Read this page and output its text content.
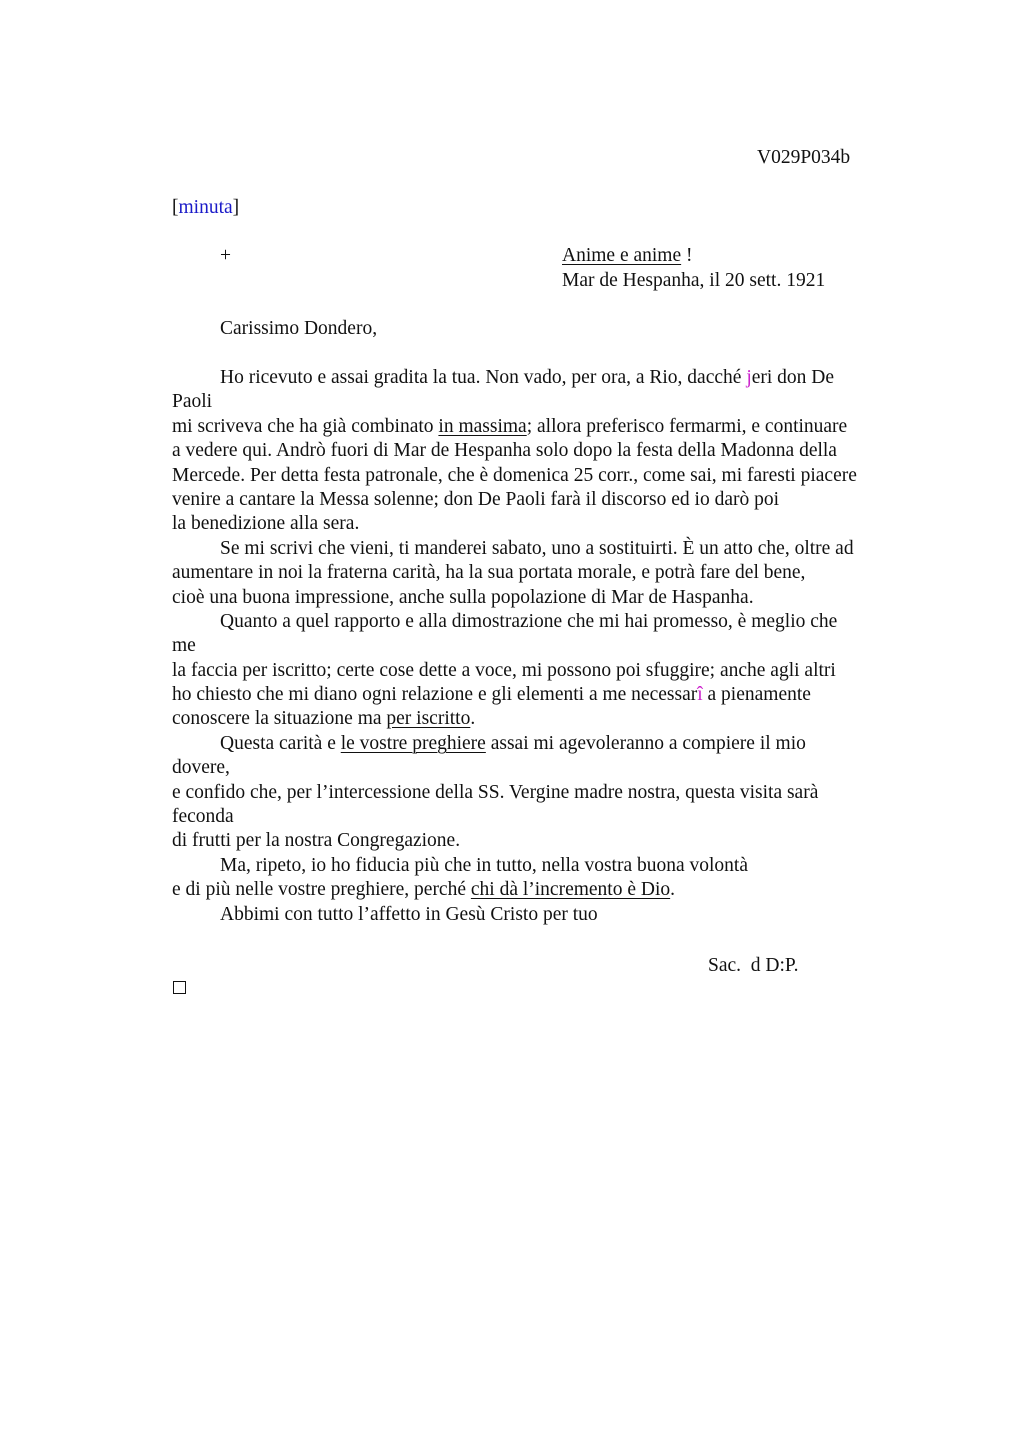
V029P034b
[minuta]
+	Anime e anime !
Mar de Hespanha, il 20 sett. 1921
Carissimo Dondero,
Ho ricevuto e assai gradita la tua. Non vado, per ora, a Rio, dacché jeri don De
Paoli
mi scriveva che ha già combinato in massima; allora preferisco fermarmi, e continuare
a vedere qui. Andrò fuori di Mar de Hespanha solo dopo la festa della Madonna della
Mercede. Per detta festa patronale, che è domenica 25 corr., come sai, mi faresti piacere
venire a cantare la Messa solenne; don De Paoli farà il discorso ed io darò poi
la benedizione alla sera.
Se mi scrivi che vieni, ti manderei sabato, uno a sostituirti. È un atto che, oltre ad
aumentare in noi la fraterna carità, ha la sua portata morale, e potrà fare del bene,
cioè una buona impressione, anche sulla popolazione di Mar de Haspanha.
Quanto a quel rapporto e alla dimostrazione che mi hai promesso, è meglio che
me
la faccia per iscritto; certe cose dette a voce, mi possono poi sfuggire; anche agli altri
ho chiesto che mi diano ogni relazione e gli elementi a me necessarî a pienamente
conoscere la situazione ma per iscritto.
Questa carità e le vostre preghiere assai mi agevoleranno a compiere il mio
dovere,
e confido che, per l’intercessione della SS. Vergine madre nostra, questa visita sarà
feconda
di frutti per la nostra Congregazione.
Ma, ripeto, io ho fiducia più che in tutto, nella vostra buona volontà
e di più nelle vostre preghiere, perché chi dà l’incremento è Dio.
Abbimi con tutto l’affetto in Gesù Cristo per tuo
Sac.  d D:P.
